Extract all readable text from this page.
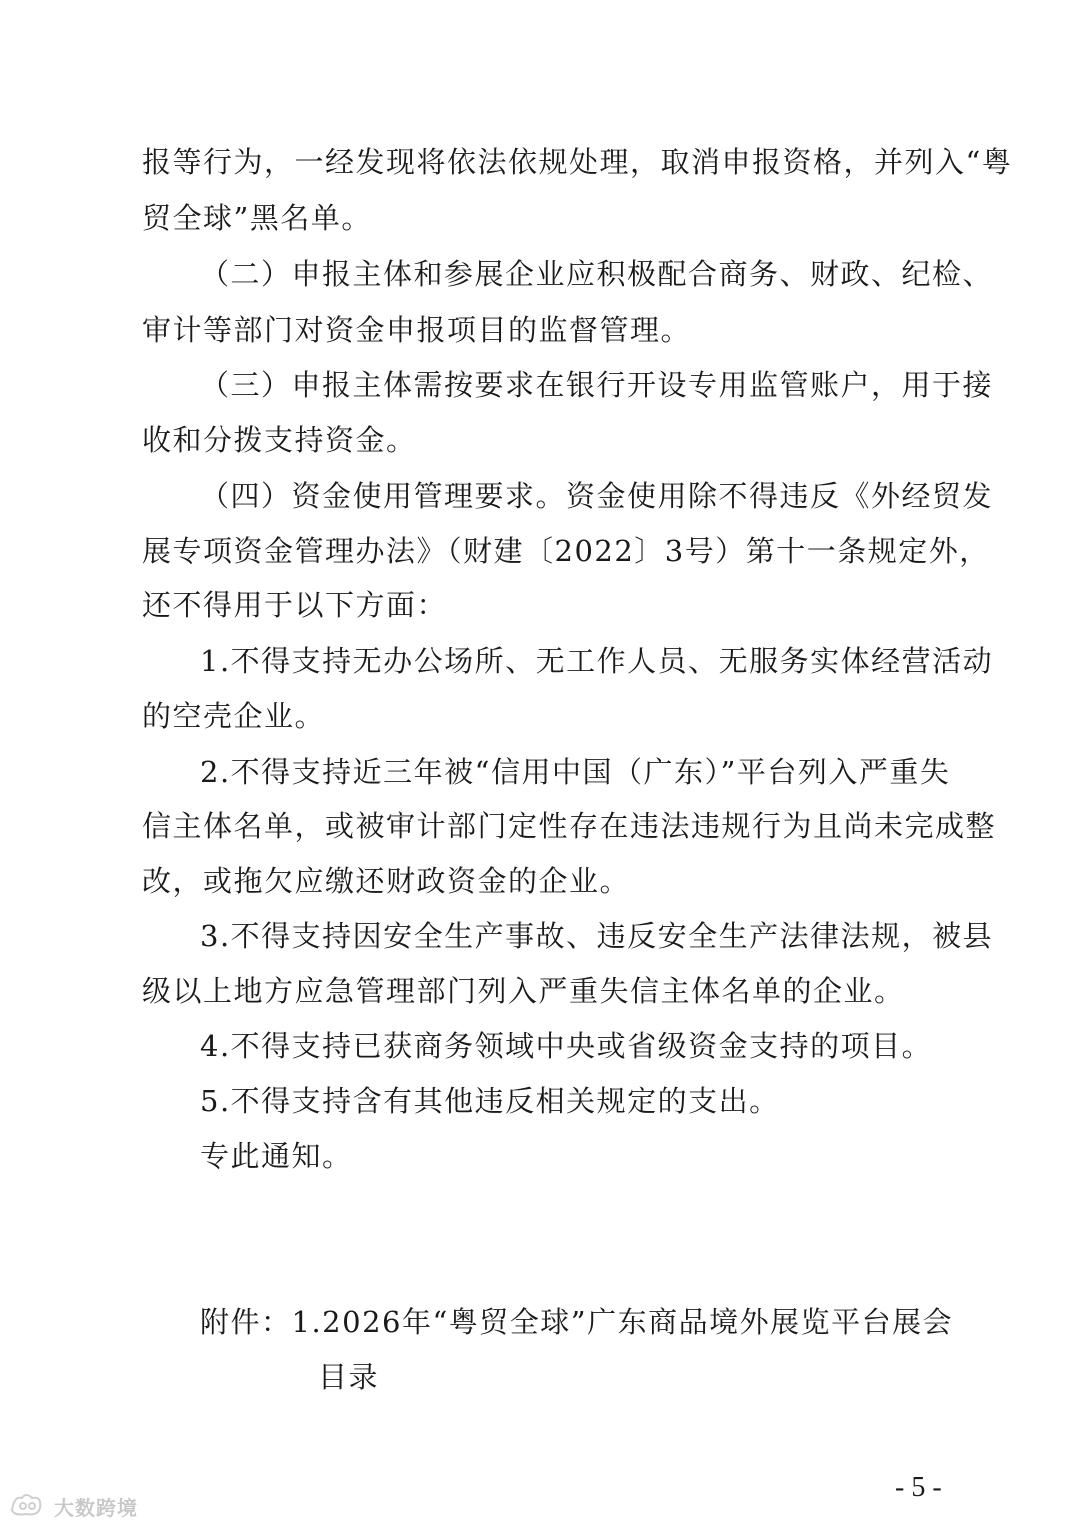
报等行为，一经发现将依法依规处理，取消申报资格，并列入“粤
贸全球”黑名单。
（二）申报主体和参展企业应积极配合商务、财政、纪检、
审计等部门对资金申报项目的监督管理。
（三）申报主体需按要求在银行开设专用监管账户，用于接
收和分拨支持资金。
（四）资金使用管理要求。资金使用除不得违反《外经贸发
展专项资金管理办法》（财建〔2022〕3号）第十一条规定外，
还不得用于以下方面：
1.不得支持无办公场所、无工作人员、无服务实体经营活动
的空壳企业。
2.不得支持近三年被“信用中国（广东）”平台列入严重失
信主体名单，或被审计部门定性存在违法违规行为且尚未完成整
改，或拖欠应缴还财政资金的企业。
3.不得支持因安全生产事故、违反安全生产法律法规，被县
级以上地方应急管理部门列入严重失信主体名单的企业。
4.不得支持已获商务领域中央或省级资金支持的项目。
5.不得支持含有其他违反相关规定的支出。
专此通知。
附件：1.2026年“粤贸全球”广东商品境外展览平台展会
目录
- 5 -
大数跨境
